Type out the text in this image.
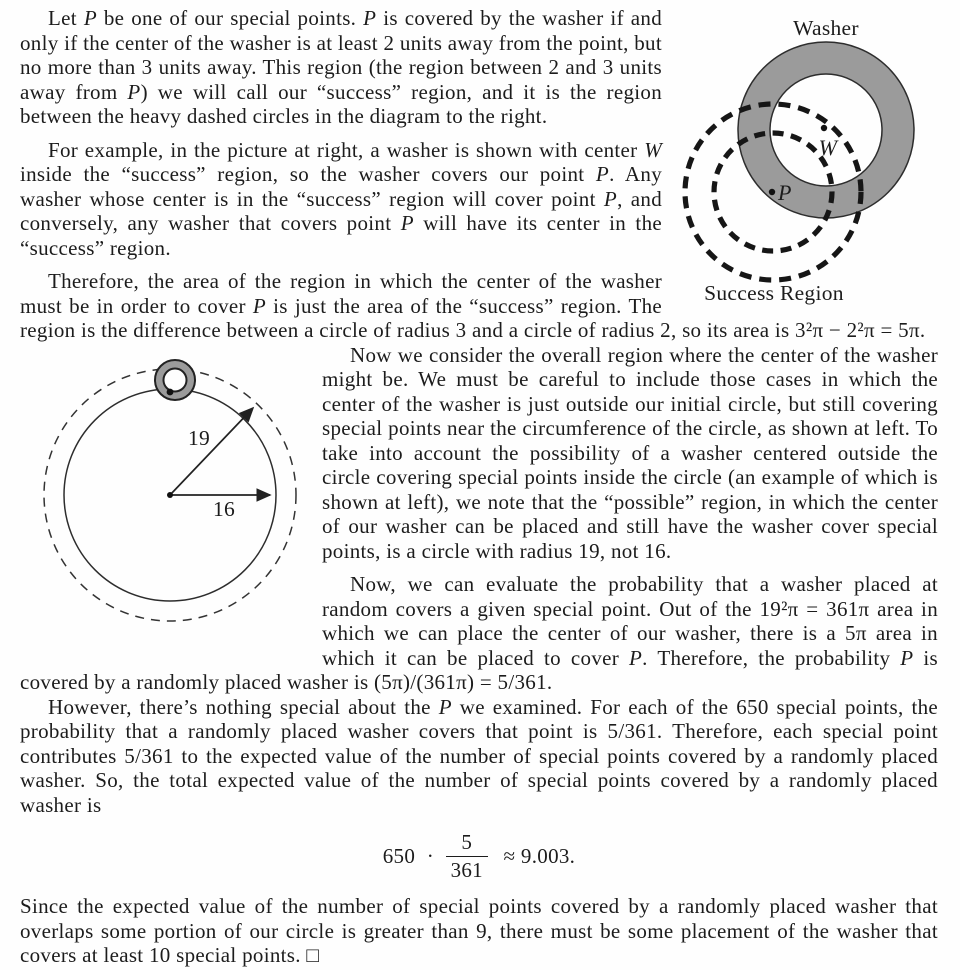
Washer
W
P
Success Region

Let P be one of our special points. P is covered by the washer if and only if the center of the washer is at least 2 units away from the point, but no more than 3 units away. This region (the region between 2 and 3 units away from P) we will call our “success” region, and it is the region between the heavy dashed circles in the diagram to the right.

For example, in the picture at right, a washer is shown with center W inside the “success” region, so the washer covers our point P. Any washer whose center is in the “success” region will cover point P, and conversely, any washer that covers point P will have its center in the “success” region.

Therefore, the area of the region in which the center of the washer must be in order to cover P is just the area of the “success” region. The region is the difference between a circle of radius 3 and a circle of radius 2, so its area is 3²π − 2²π = 5π.

19
16

Now we consider the overall region where the center of the washer might be. We must be careful to include those cases in which the center of the washer is just outside our initial circle, but still covering special points near the circumference of the circle, as shown at left. To take into account the possibility of a washer centered outside the circle covering special points inside the circle (an example of which is shown at left), we note that the “possible” region, in which the center of our washer can be placed and still have the washer cover special points, is a circle with radius 19, not 16.

Now, we can evaluate the probability that a washer placed at random covers a given special point. Out of the 19²π = 361π area in which we can place the center of our washer, there is a 5π area in which it can be placed to cover P. Therefore, the probability P is covered by a randomly placed washer is (5π)/(361π) = 5/361.

However, there’s nothing special about the P we examined. For each of the 650 special points, the probability that a randomly placed washer covers that point is 5/361. Therefore, each special point contributes 5/361 to the expected value of the number of special points covered by a randomly placed washer. So, the total expected value of the number of special points covered by a randomly placed washer is

$650 \cdot \frac{5}{361} \approx 9.003$.

Since the expected value of the number of special points covered by a randomly placed washer that overlaps some portion of our circle is greater than 9, there must be some placement of the washer that covers at least 10 special points. □
